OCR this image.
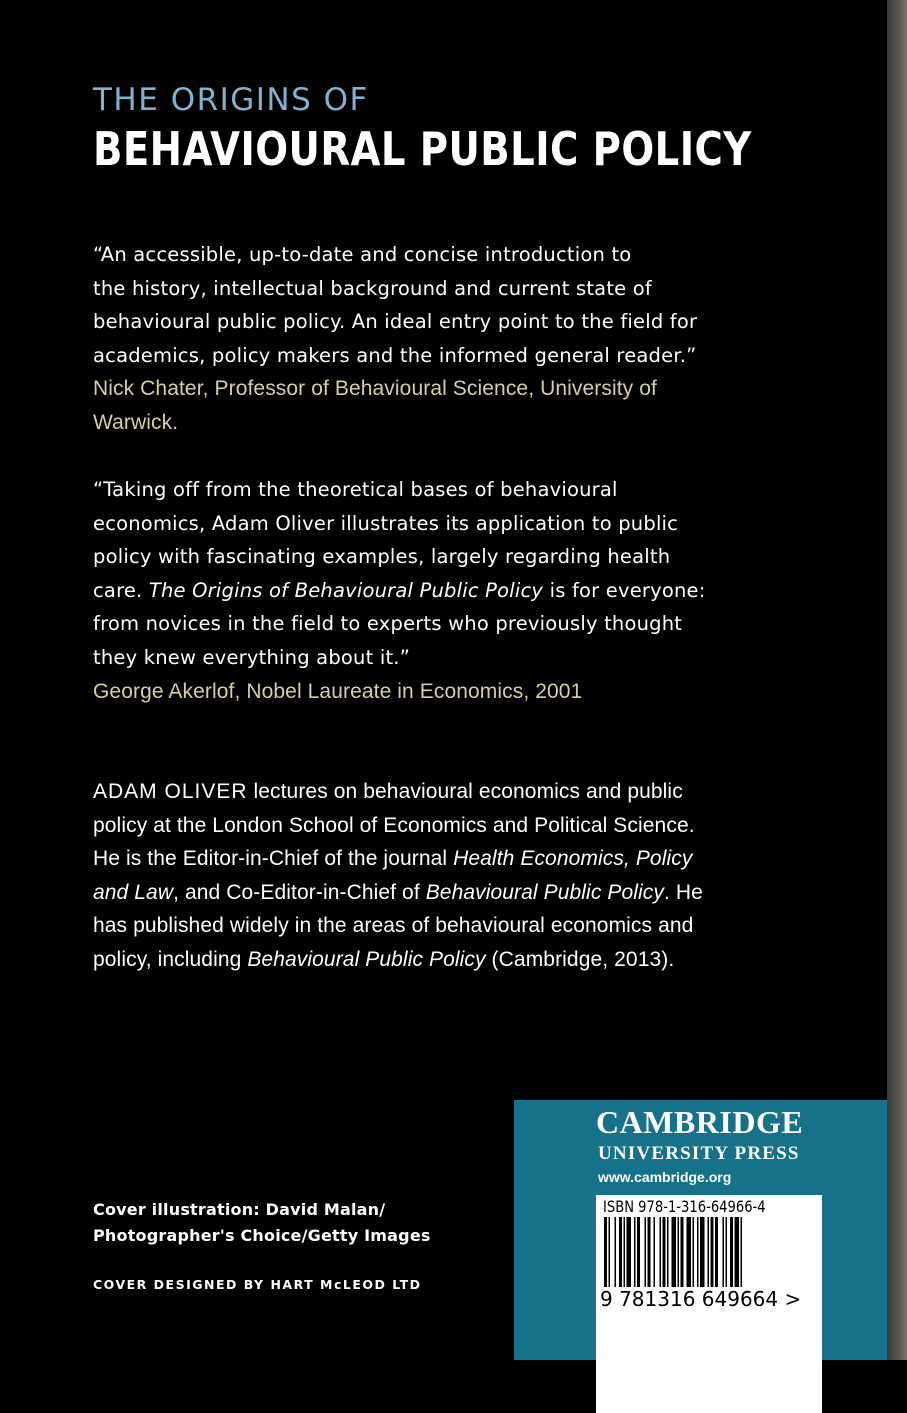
THE ORIGINS OF
BEHAVIOURAL PUBLIC POLICY
“An accessible, up-to-date and concise introduction to
the history, intellectual background and current state of
behavioural public policy. An ideal entry point to the field for
academics, policy makers and the informed general reader.”
Nick Chater, Professor of Behavioural Science, University of
Warwick.
“Taking off from the theoretical bases of behavioural
economics, Adam Oliver illustrates its application to public
policy with fascinating examples, largely regarding health
care. The Origins of Behavioural Public Policy is for everyone:
from novices in the field to experts who previously thought
they knew everything about it.”
George Akerlof, Nobel Laureate in Economics, 2001
ADAM OLIVER lectures on behavioural economics and public
policy at the London School of Economics and Political Science.
He is the Editor-in-Chief of the journal Health Economics, Policy
and Law, and Co-Editor-in-Chief of Behavioural Public Policy. He
has published widely in the areas of behavioural economics and
policy, including Behavioural Public Policy (Cambridge, 2013).
Cover illustration: David Malan/
Photographer's Choice/Getty Images
COVER DESIGNED BY HART McLEOD LTD
CAMBRIDGE
UNIVERSITY PRESS
www.cambridge.org
ISBN 978-1-316-64966-4
9 781316 649664 >
